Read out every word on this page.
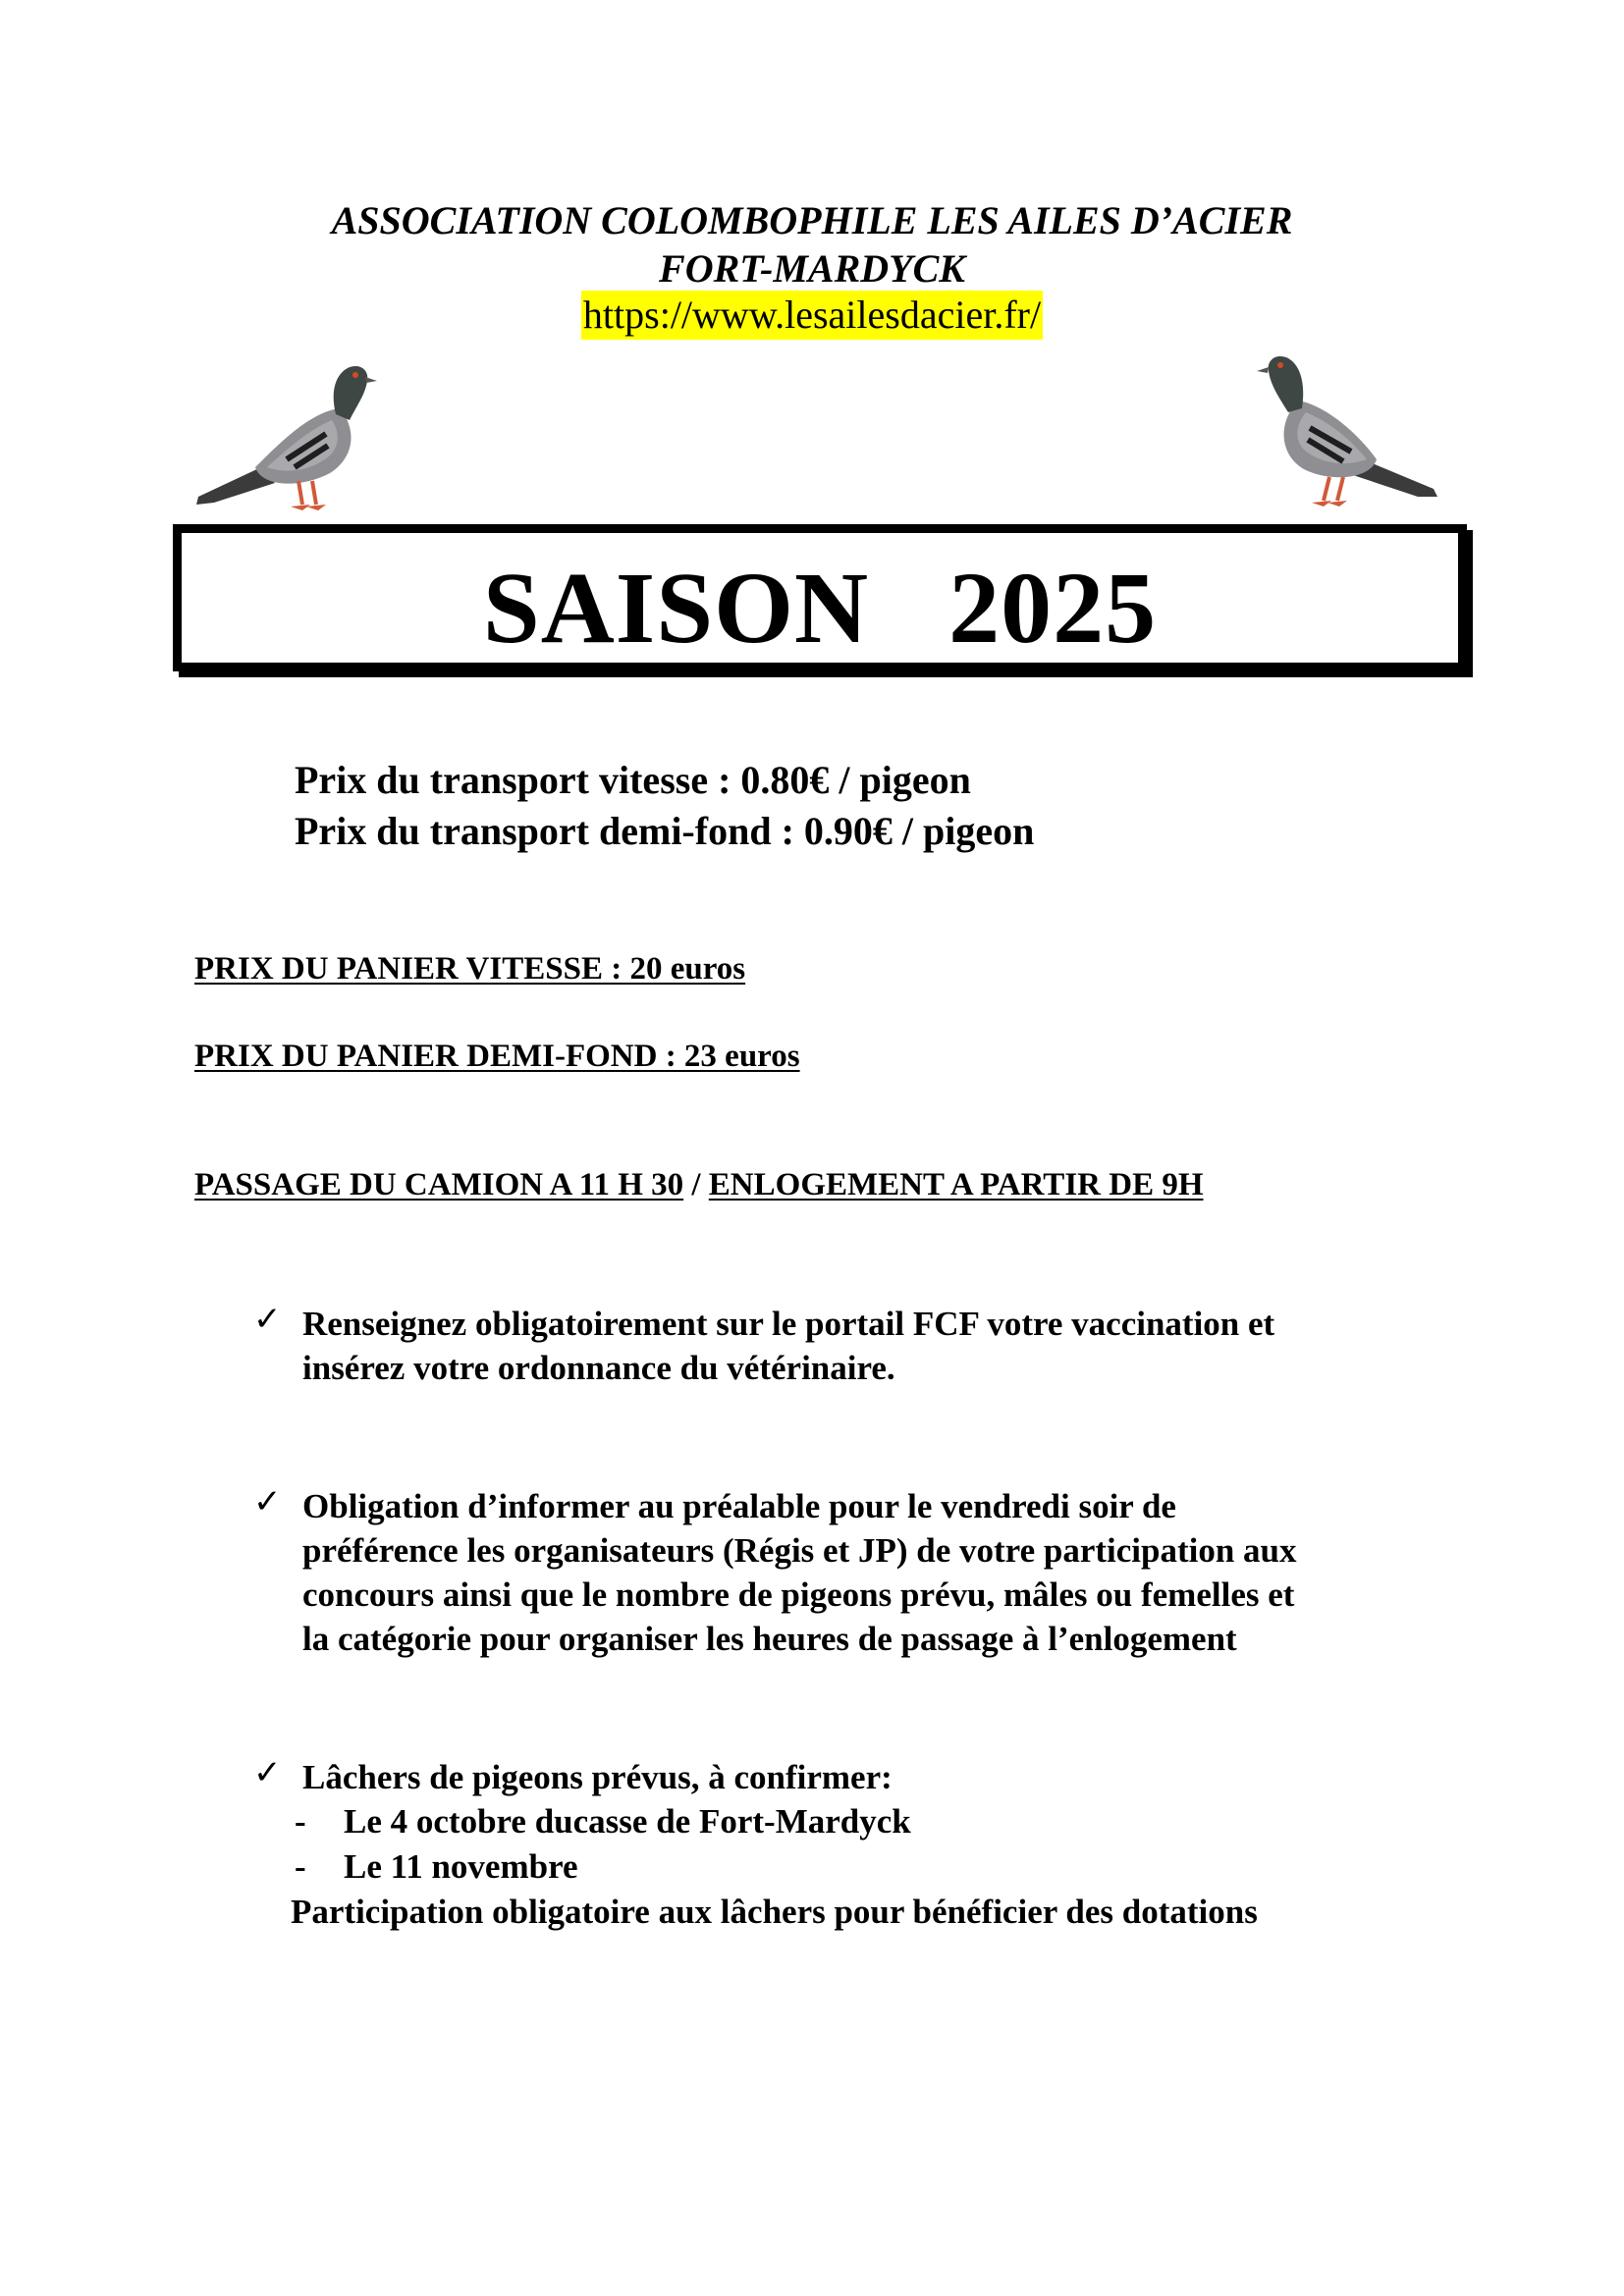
ASSOCIATION COLOMBOPHILE LES AILES D’ACIER
FORT-MARDYCK
https://www.lesailesdacier.fr/
SAISON   2025
Prix du transport vitesse : 0.80€ / pigeon
Prix du transport demi-fond : 0.90€ / pigeon
PRIX DU PANIER VITESSE : 20 euros
PRIX DU PANIER DEMI-FOND : 23 euros
PASSAGE DU CAMION A 11 H 30 / ENLOGEMENT A PARTIR DE 9H
✓ Renseignez obligatoirement sur le portail FCF votre vaccination et
insérez votre ordonnance du vétérinaire.
✓ Obligation d’informer au préalable pour le vendredi soir de
préférence les organisateurs (Régis et JP) de votre participation aux
concours ainsi que le nombre de pigeons prévu, mâles ou femelles et
la catégorie pour organiser les heures de passage à l’enlogement
✓ Lâchers de pigeons prévus, à confirmer:
- Le 4 octobre ducasse de Fort-Mardyck
- Le 11 novembre
Participation obligatoire aux lâchers pour bénéficier des dotations
